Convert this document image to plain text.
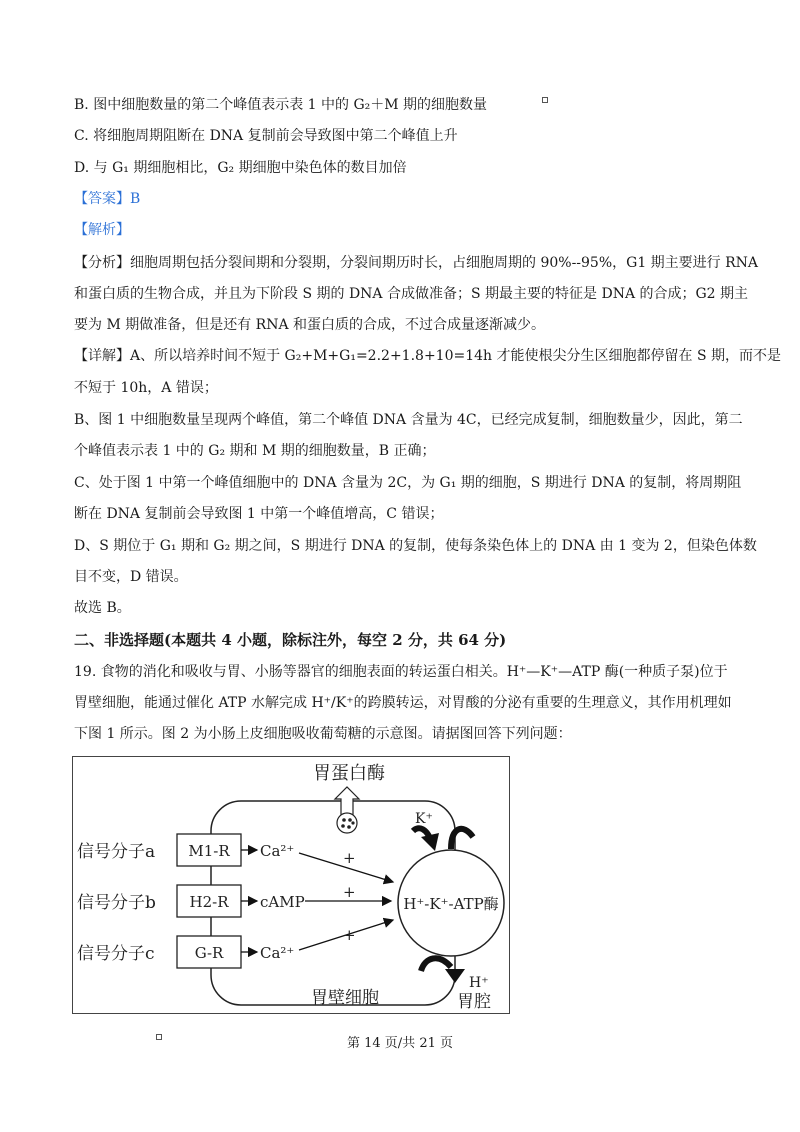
B. 图中细胞数量的第二个峰值表示表 1 中的 G₂＋M 期的细胞数量
C. 将细胞周期阻断在 DNA 复制前会导致图中第二个峰值上升
D. 与 G₁ 期细胞相比，G₂ 期细胞中染色体的数目加倍
【答案】B
【解析】
【分析】细胞周期包括分裂间期和分裂期，分裂间期历时长，占细胞周期的 90%--95%，G1 期主要进行 RNA
和蛋白质的生物合成，并且为下阶段 S 期的 DNA 合成做准备；S 期最主要的特征是 DNA 的合成；G2 期主
要为 M 期做准备，但是还有 RNA 和蛋白质的合成，不过合成量逐渐减少。
【详解】A、所以培养时间不短于 G₂+M+G₁=2.2+1.8+10=14h 才能使根尖分生区细胞都停留在 S 期，而不是
不短于 10h，A 错误；
B、图 1 中细胞数量呈现两个峰值，第二个峰值 DNA 含量为 4C，已经完成复制，细胞数量少，因此，第二
个峰值表示表 1 中的 G₂ 期和 M 期的细胞数量，B 正确；
C、处于图 1 中第一个峰值细胞中的 DNA 含量为 2C，为 G₁ 期的细胞，S 期进行 DNA 的复制，将周期阻
断在 DNA 复制前会导致图 1 中第一个峰值增高，C 错误；
D、S 期位于 G₁ 期和 G₂ 期之间，S 期进行 DNA 的复制，使每条染色体上的 DNA 由 1 变为 2，但染色体数
目不变，D 错误。
故选 B。
二、非选择题(本题共 4 小题，除标注外，每空 2 分，共 64 分)
19. 食物的消化和吸收与胃、小肠等器官的细胞表面的转运蛋白相关。H⁺—K⁺—ATP 酶(一种质子泵)位于
胃壁细胞，能通过催化 ATP 水解完成 H⁺/K⁺的跨膜转运，对胃酸的分泌有重要的生理意义，其作用机理如
下图 1 所示。图 2 为小肠上皮细胞吸收葡萄糖的示意图。请据图回答下列问题：
胃蛋白酶
信号分子a
信号分子b
信号分子c
M1-R
H2-R
G-R
Ca²⁺
cAMP
Ca²⁺
+
+
+
H⁺-K⁺-ATP酶
K⁺
H⁺
胃壁细胞	胃腔
第 14 页/共 21 页
